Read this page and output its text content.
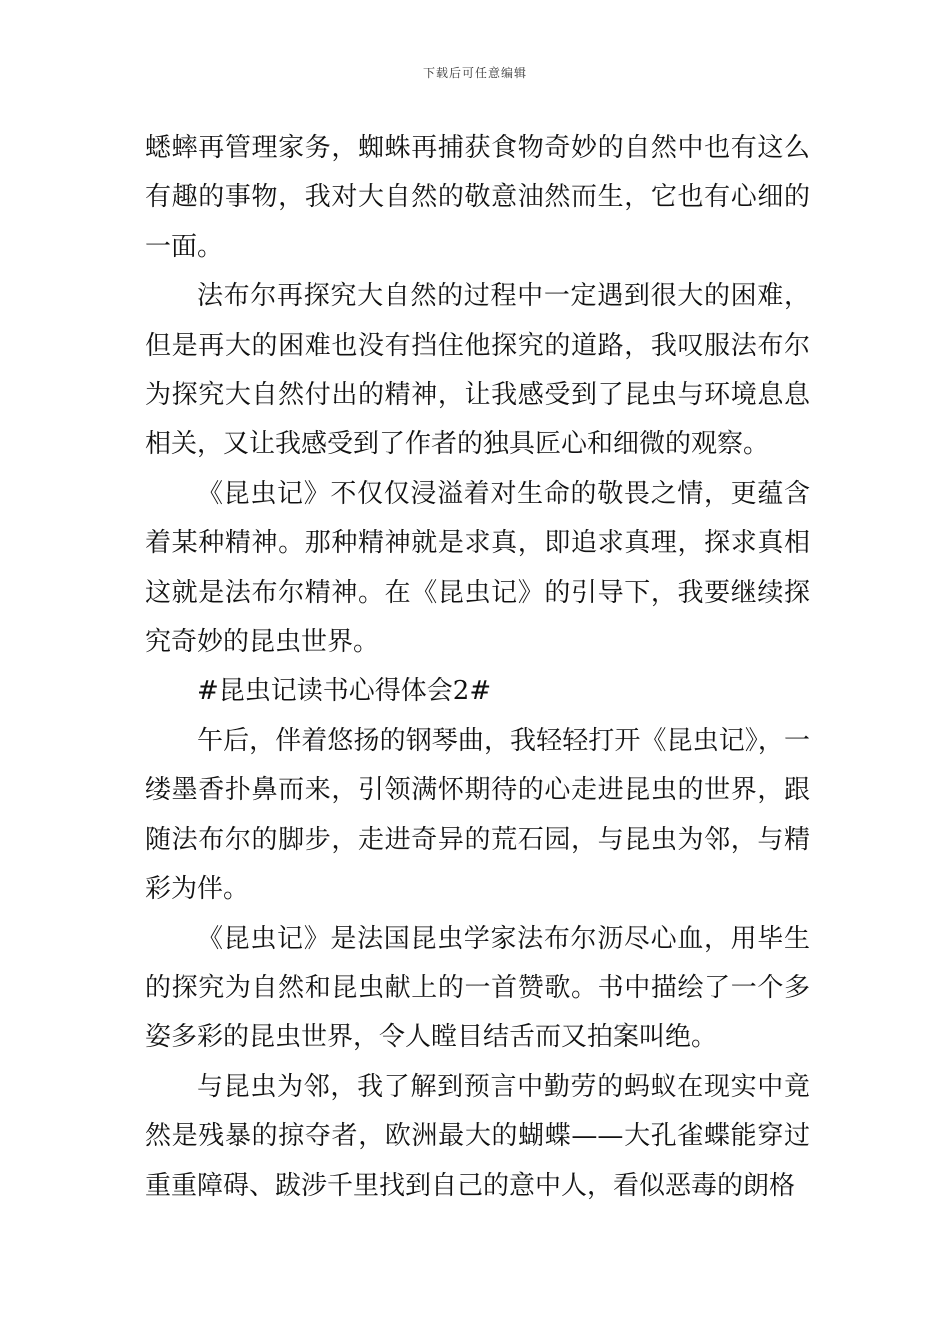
下载后可任意编辑

蟋蟀再管理家务，蜘蛛再捕获食物奇妙的自然中也有这么有趣的事物，我对大自然的敬意油然而生，它也有心细的一面。

法布尔再探究大自然的过程中一定遇到很大的困难，但是再大的困难也没有挡住他探究的道路，我叹服法布尔为探究大自然付出的精神，让我感受到了昆虫与环境息息相关，又让我感受到了作者的独具匠心和细微的观察。

《昆虫记》不仅仅浸溢着对生命的敬畏之情，更蕴含着某种精神。那种精神就是求真，即追求真理，探求真相这就是法布尔精神。在《昆虫记》的引导下，我要继续探究奇妙的昆虫世界。

#昆虫记读书心得体会2#

午后，伴着悠扬的钢琴曲，我轻轻打开《昆虫记》，一缕墨香扑鼻而来，引领满怀期待的心走进昆虫的世界，跟随法布尔的脚步，走进奇异的荒石园，与昆虫为邻，与精彩为伴。

《昆虫记》是法国昆虫学家法布尔沥尽心血，用毕生的探究为自然和昆虫献上的一首赞歌。书中描绘了一个多姿多彩的昆虫世界，令人瞠目结舌而又拍案叫绝。

与昆虫为邻，我了解到预言中勤劳的蚂蚁在现实中竟然是残暴的掠夺者，欧洲最大的蝴蝶——大孔雀蝶能穿过重重障碍、跋涉千里找到自己的意中人，看似恶毒的朗格
